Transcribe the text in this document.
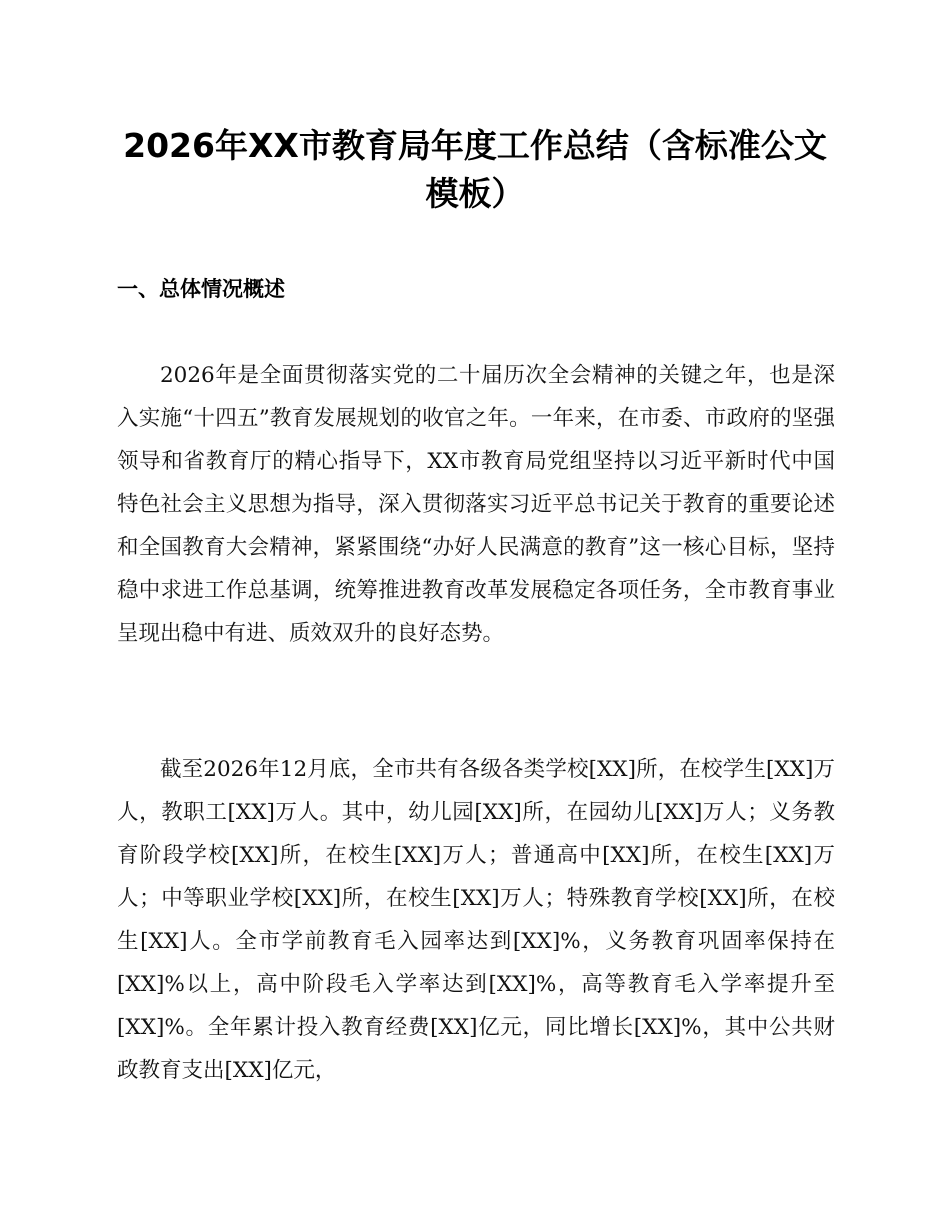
2026年XX市教育局年度工作总结（含标准公文模板）
一、总体情况概述

2026年是全面贯彻落实党的二十届历次全会精神的关键之年，也是深入实施“十四五”教育发展规划的收官之年。一年来，在市委、市政府的坚强领导和省教育厅的精心指导下，XX市教育局党组坚持以习近平新时代中国特色社会主义思想为指导，深入贯彻落实习近平总书记关于教育的重要论述和全国教育大会精神，紧紧围绕“办好人民满意的教育”这一核心目标，坚持稳中求进工作总基调，统筹推进教育改革发展稳定各项任务，全市教育事业呈现出稳中有进、质效双升的良好态势。

截至2026年12月底，全市共有各级各类学校[XX]所，在校学生[XX]万人，教职工[XX]万人。其中，幼儿园[XX]所，在园幼儿[XX]万人；义务教育阶段学校[XX]所，在校生[XX]万人；普通高中[XX]所，在校生[XX]万人；中等职业学校[XX]所，在校生[XX]万人；特殊教育学校[XX]所，在校生[XX]人。全市学前教育毛入园率达到[XX]%，义务教育巩固率保持在[XX]%以上，高中阶段毛入学率达到[XX]%，高等教育毛入学率提升至[XX]%。全年累计投入教育经费[XX]亿元，同比增长[XX]%，其中公共财政教育支出[XX]亿元，
